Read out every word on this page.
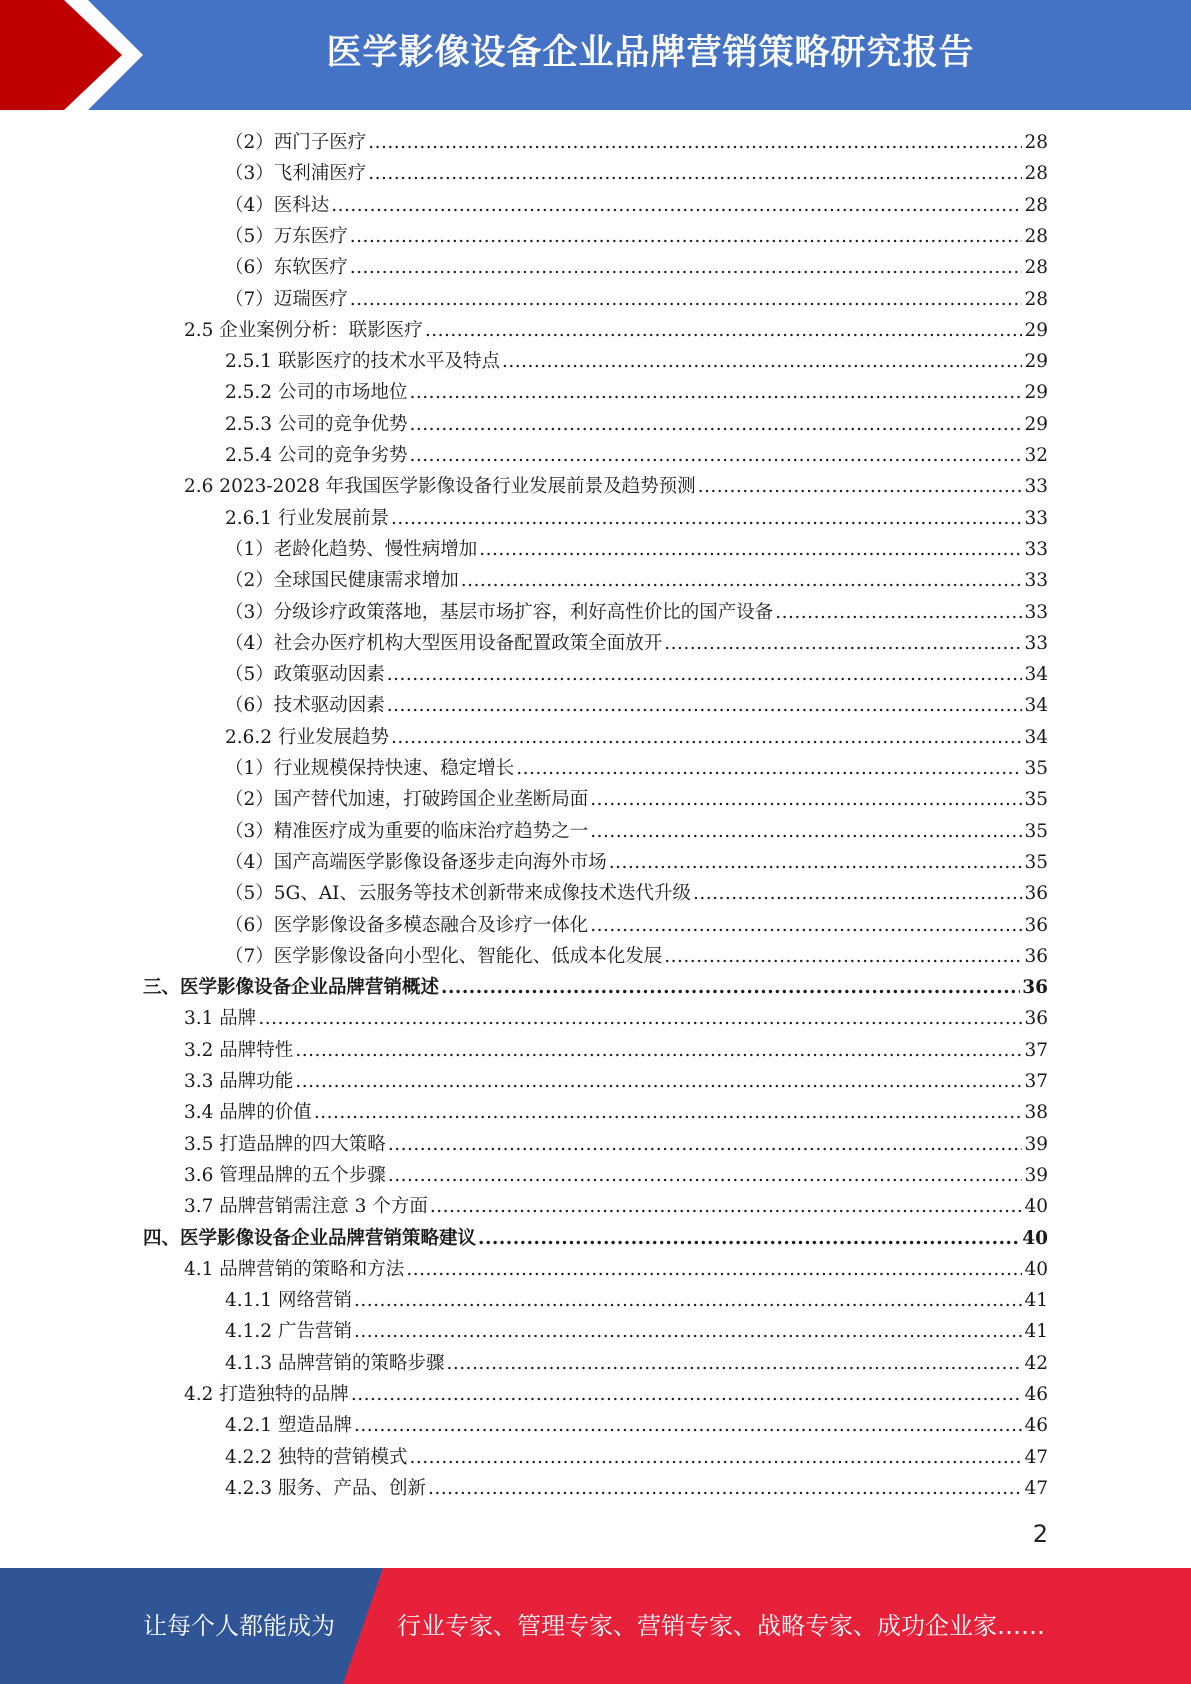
医学影像设备企业品牌营销策略研究报告
（2）西门子医疗 .....	28
（3）飞利浦医疗 .....	28
（4）医科达 .....	28
（5）万东医疗 .....	28
（6）东软医疗 .....	28
（7）迈瑞医疗 .....	28
2.5 企业案例分析：联影医疗 .....	29
2.5.1 联影医疗的技术水平及特点 .....	29
2.5.2 公司的市场地位 .....	29
2.5.3 公司的竞争优势 .....	29
2.5.4 公司的竞争劣势 .....	32
2.6 2023-2028 年我国医学影像设备行业发展前景及趋势预测 .....	33
2.6.1 行业发展前景 .....	33
（1）老龄化趋势、慢性病增加 .....	33
（2）全球国民健康需求增加 .....	33
（3）分级诊疗政策落地，基层市场扩容，利好高性价比的国产设备 .....	33
（4）社会办医疗机构大型医用设备配置政策全面放开 .....	33
（5）政策驱动因素 .....	34
（6）技术驱动因素 .....	34
2.6.2 行业发展趋势 .....	34
（1）行业规模保持快速、稳定增长 .....	35
（2）国产替代加速，打破跨国企业垄断局面 .....	35
（3）精准医疗成为重要的临床治疗趋势之一 .....	35
（4）国产高端医学影像设备逐步走向海外市场 .....	35
（5）5G、AI、云服务等技术创新带来成像技术迭代升级 .....	36
（6）医学影像设备多模态融合及诊疗一体化 .....	36
（7）医学影像设备向小型化、智能化、低成本化发展 .....	36
三、医学影像设备企业品牌营销概述 .....	36
3.1 品牌 .....	36
3.2 品牌特性 .....	37
3.3 品牌功能 .....	37
3.4 品牌的价值 .....	38
3.5 打造品牌的四大策略 .....	39
3.6 管理品牌的五个步骤 .....	39
3.7 品牌营销需注意 3 个方面 .....	40
四、医学影像设备企业品牌营销策略建议 .....	40
4.1 品牌营销的策略和方法 .....	40
4.1.1 网络营销 .....	41
4.1.2 广告营销 .....	41
4.1.3 品牌营销的策略步骤 .....	42
4.2 打造独特的品牌 .....	46
4.2.1 塑造品牌 .....	46
4.2.2 独特的营销模式 .....	47
4.2.3 服务、产品、创新 .....	47
2
让每个人都能成为	行业专家、管理专家、营销专家、战略专家、成功企业家……
